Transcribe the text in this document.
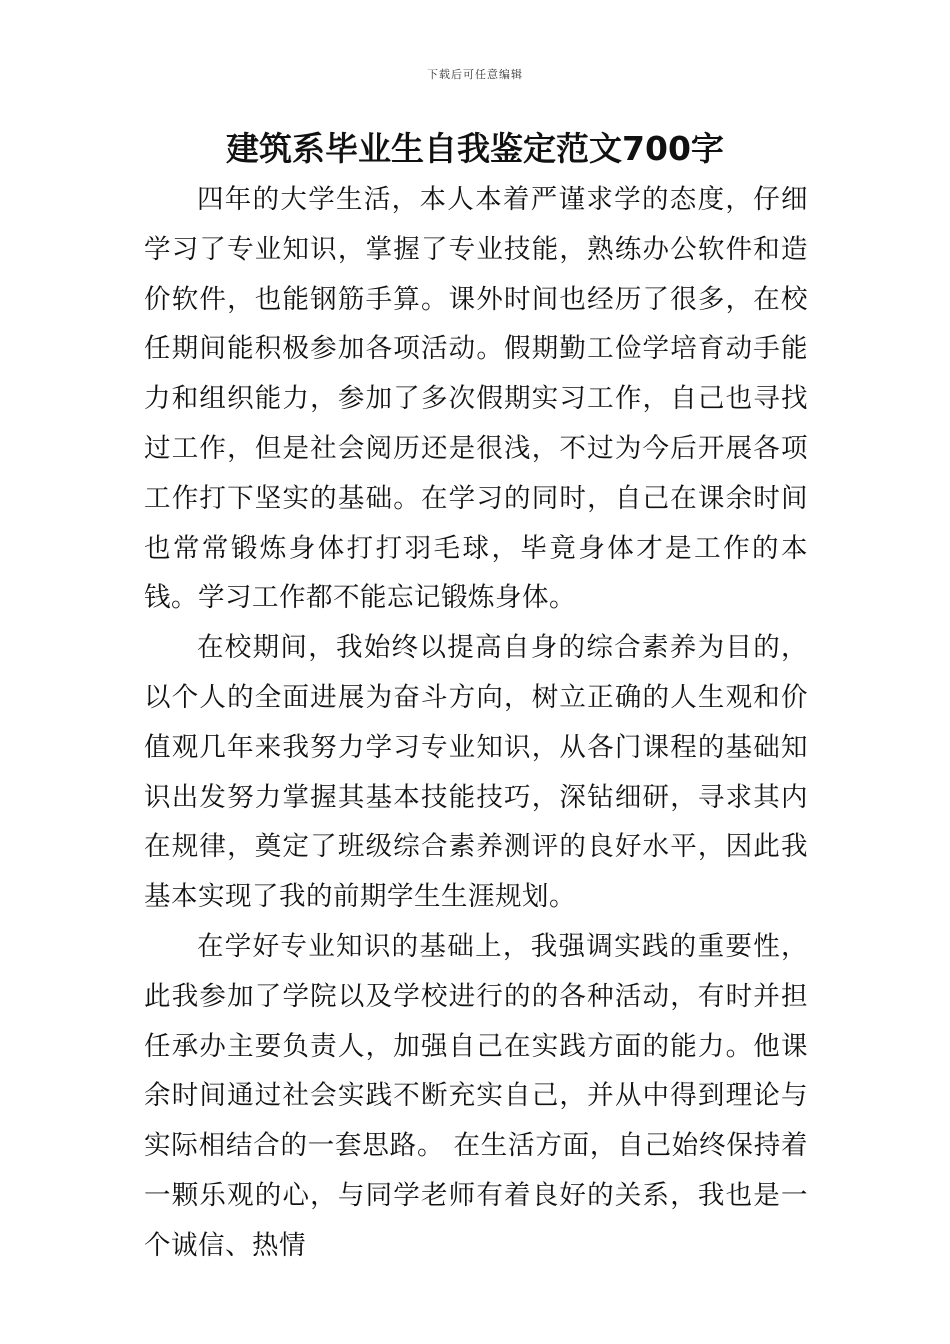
下载后可任意编辑
建筑系毕业生自我鉴定范文700字

四年的大学生活，本人本着严谨求学的态度，仔细学习了专业知识，掌握了专业技能，熟练办公软件和造价软件，也能钢筋手算。课外时间也经历了很多，在校任期间能积极参加各项活动。假期勤工俭学培育动手能力和组织能力，参加了多次假期实习工作，自己也寻找过工作，但是社会阅历还是很浅，不过为今后开展各项工作打下坚实的基础。在学习的同时，自己在课余时间也常常锻炼身体打打羽毛球，毕竟身体才是工作的本钱。学习工作都不能忘记锻炼身体。

在校期间，我始终以提高自身的综合素养为目的，以个人的全面进展为奋斗方向，树立正确的人生观和价值观几年来我努力学习专业知识，从各门课程的基础知识出发努力掌握其基本技能技巧，深钻细研，寻求其内在规律，奠定了班级综合素养测评的良好水平，因此我基本实现了我的前期学生生涯规划。

在学好专业知识的基础上，我强调实践的重要性，此我参加了学院以及学校进行的的各种活动，有时并担任承办主要负责人，加强自己在实践方面的能力。他课余时间通过社会实践不断充实自己，并从中得到理论与实际相结合的一套思路。 在生活方面，自己始终保持着一颗乐观的心，与同学老师有着良好的关系，我也是一个诚信、热情
